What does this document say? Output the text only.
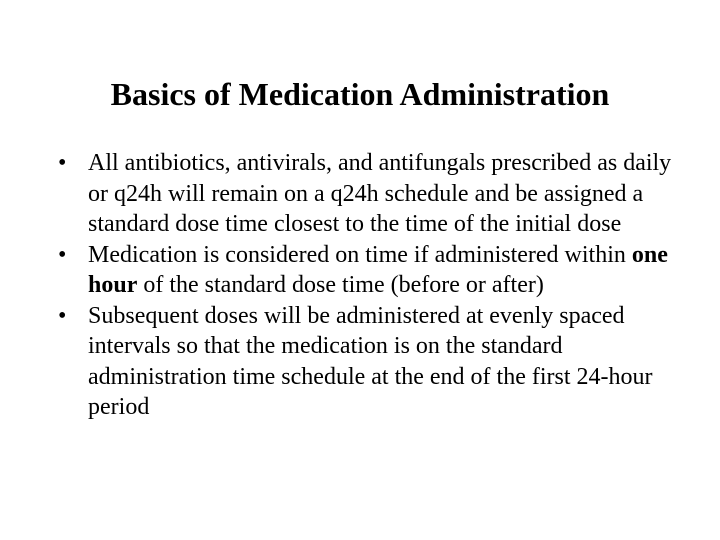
Basics of Medication Administration
• All antibiotics, antivirals, and antifungals prescribed as daily or q24h will remain on a q24h schedule and be assigned a standard dose time closest to the time of the initial dose
• Medication is considered on time if administered within one hour of the standard dose time (before or after)
• Subsequent doses will be administered at evenly spaced intervals so that the medication is on the standard administration time schedule at the end of the first 24-hour period
